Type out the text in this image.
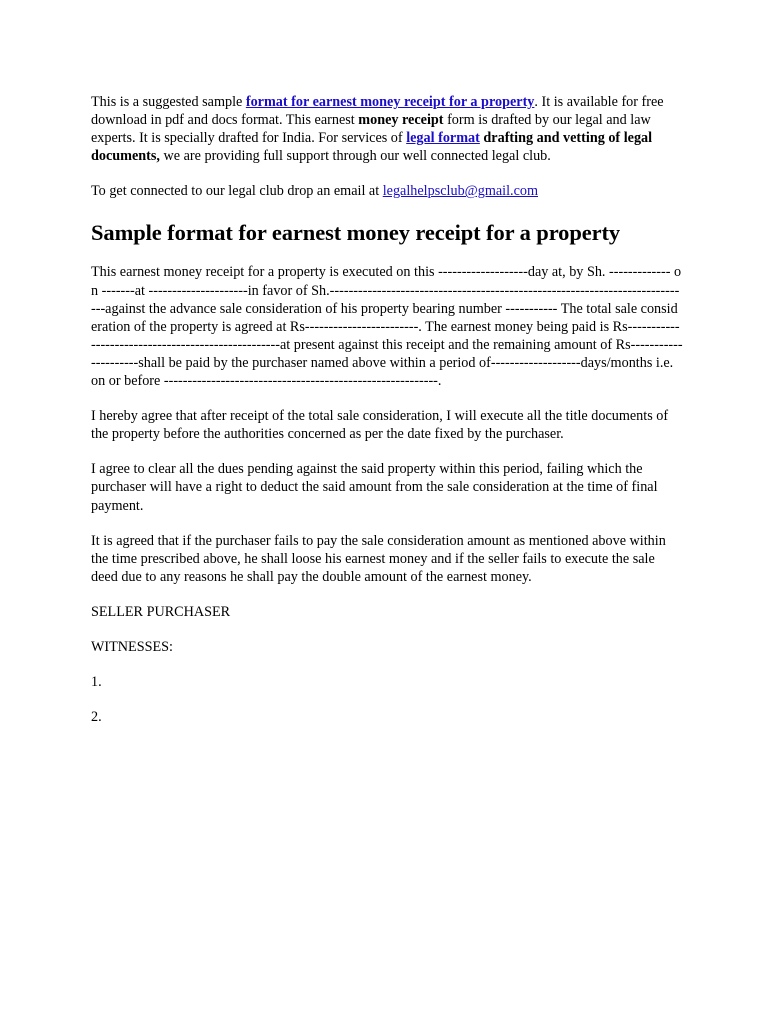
This is a suggested sample format for earnest money receipt for a property. It is available for free download in pdf and docs format. This earnest money receipt form is drafted by our legal and law experts. It is specially drafted for India. For services of legal format drafting and vetting of legal documents, we are providing full support through our well connected legal club.

To get connected to our legal club drop an email at legalhelpsclub@gmail.com

Sample format for earnest money receipt for a property

This earnest money receipt for a property is executed on this -------------------day at, by Sh. ------------- on -------at ---------------------in favor of Sh.-----------------------------------------------------------------------------against the advance sale consideration of his property bearing number ----------- The total sale consideration of the property is agreed at Rs------------------------. The earnest money being paid is Rs---------------------------------------------------at present against this receipt and the remaining amount of Rs---------------------shall be paid by the purchaser named above within a period of-------------------days/months i.e. on or before ----------------------------------------------------------.

I hereby agree that after receipt of the total sale consideration, I will execute all the title documents of the property before the authorities concerned as per the date fixed by the purchaser.

I agree to clear all the dues pending against the said property within this period, failing which the purchaser will have a right to deduct the said amount from the sale consideration at the time of final payment.

It is agreed that if the purchaser fails to pay the sale consideration amount as mentioned above within the time prescribed above, he shall loose his earnest money and if the seller fails to execute the sale deed due to any reasons he shall pay the double amount of the earnest money.

SELLER PURCHASER

WITNESSES:

1.

2.
